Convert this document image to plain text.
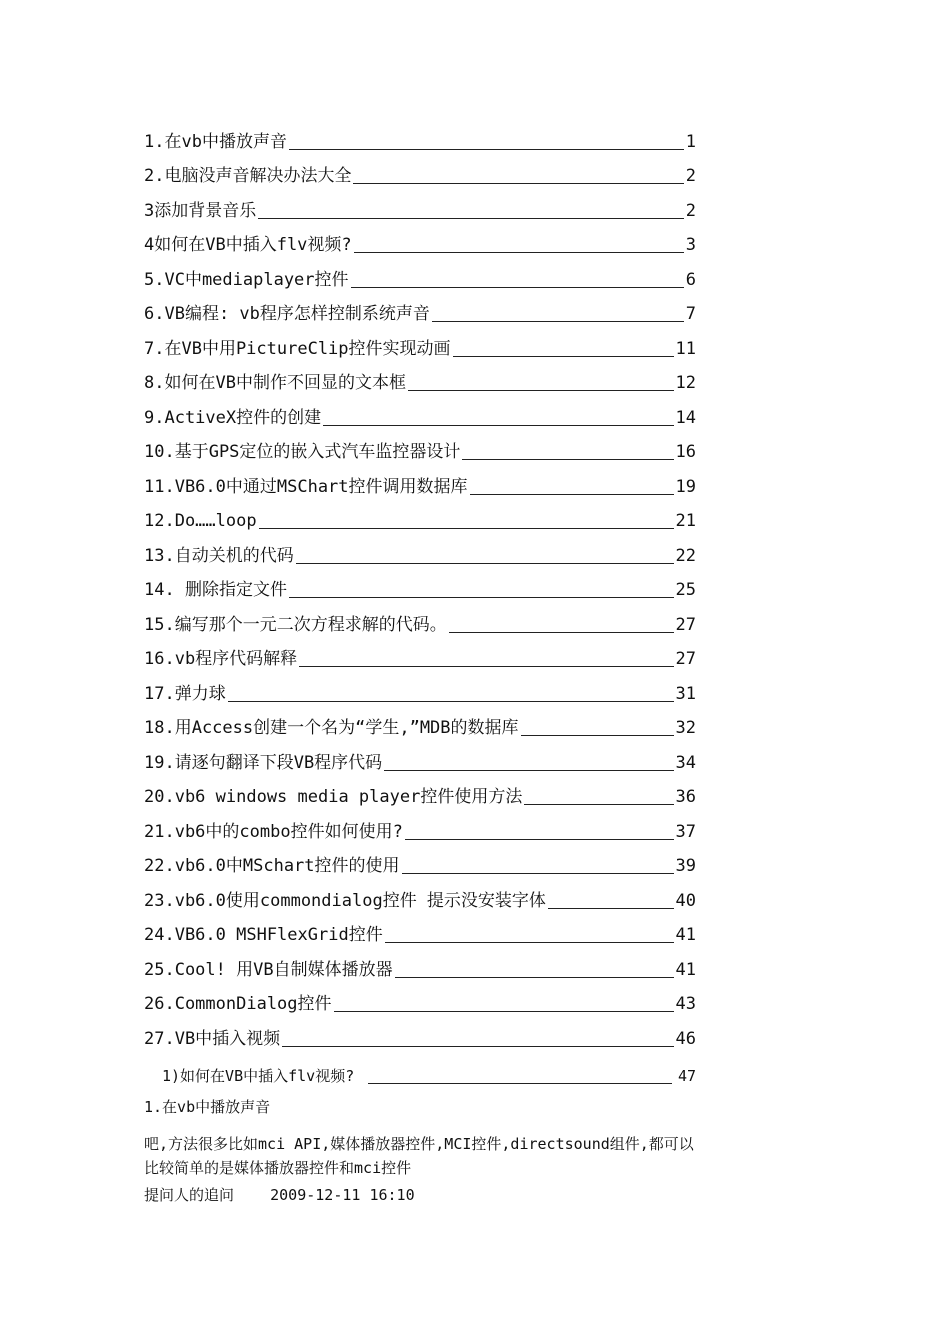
1.在vb中播放声音	1
2.电脑没声音解决办法大全	2
3添加背景音乐	2
4如何在VB中插入flv视频?	3
5.VC中mediaplayer控件	6
6.VB编程: vb程序怎样控制系统声音	7
7.在VB中用PictureClip控件实现动画	11
8.如何在VB中制作不回显的文本框	12
9.ActiveX控件的创建	14
10.基于GPS定位的嵌入式汽车监控器设计	16
11.VB6.0中通过MSChart控件调用数据库	19
12.Do……loop	21
13.自动关机的代码	22
14. 删除指定文件	25
15.编写那个一元二次方程求解的代码。	27
16.vb程序代码解释	27
17.弹力球	31
18.用Access创建一个名为“学生,”MDB的数据库	32
19.请逐句翻译下段VB程序代码	34
20.vb6 windows media player控件使用方法	36
21.vb6中的combo控件如何使用?	37
22.vb6.0中MSchart控件的使用	39
23.vb6.0使用commondialog控件 提示没安装字体	40
24.VB6.0 MSHFlexGrid控件	41
25.Cool! 用VB自制媒体播放器	41
26.CommonDialog控件	43
27.VB中插入视频	46
1)如何在VB中插入flv视频?	47
1.在vb中播放声音

吧,方法很多比如mci API,媒体播放器控件,MCI控件,directsound组件,都可以

比较简单的是媒体播放器控件和mci控件

提问人的追问    2009-12-11 16:10
